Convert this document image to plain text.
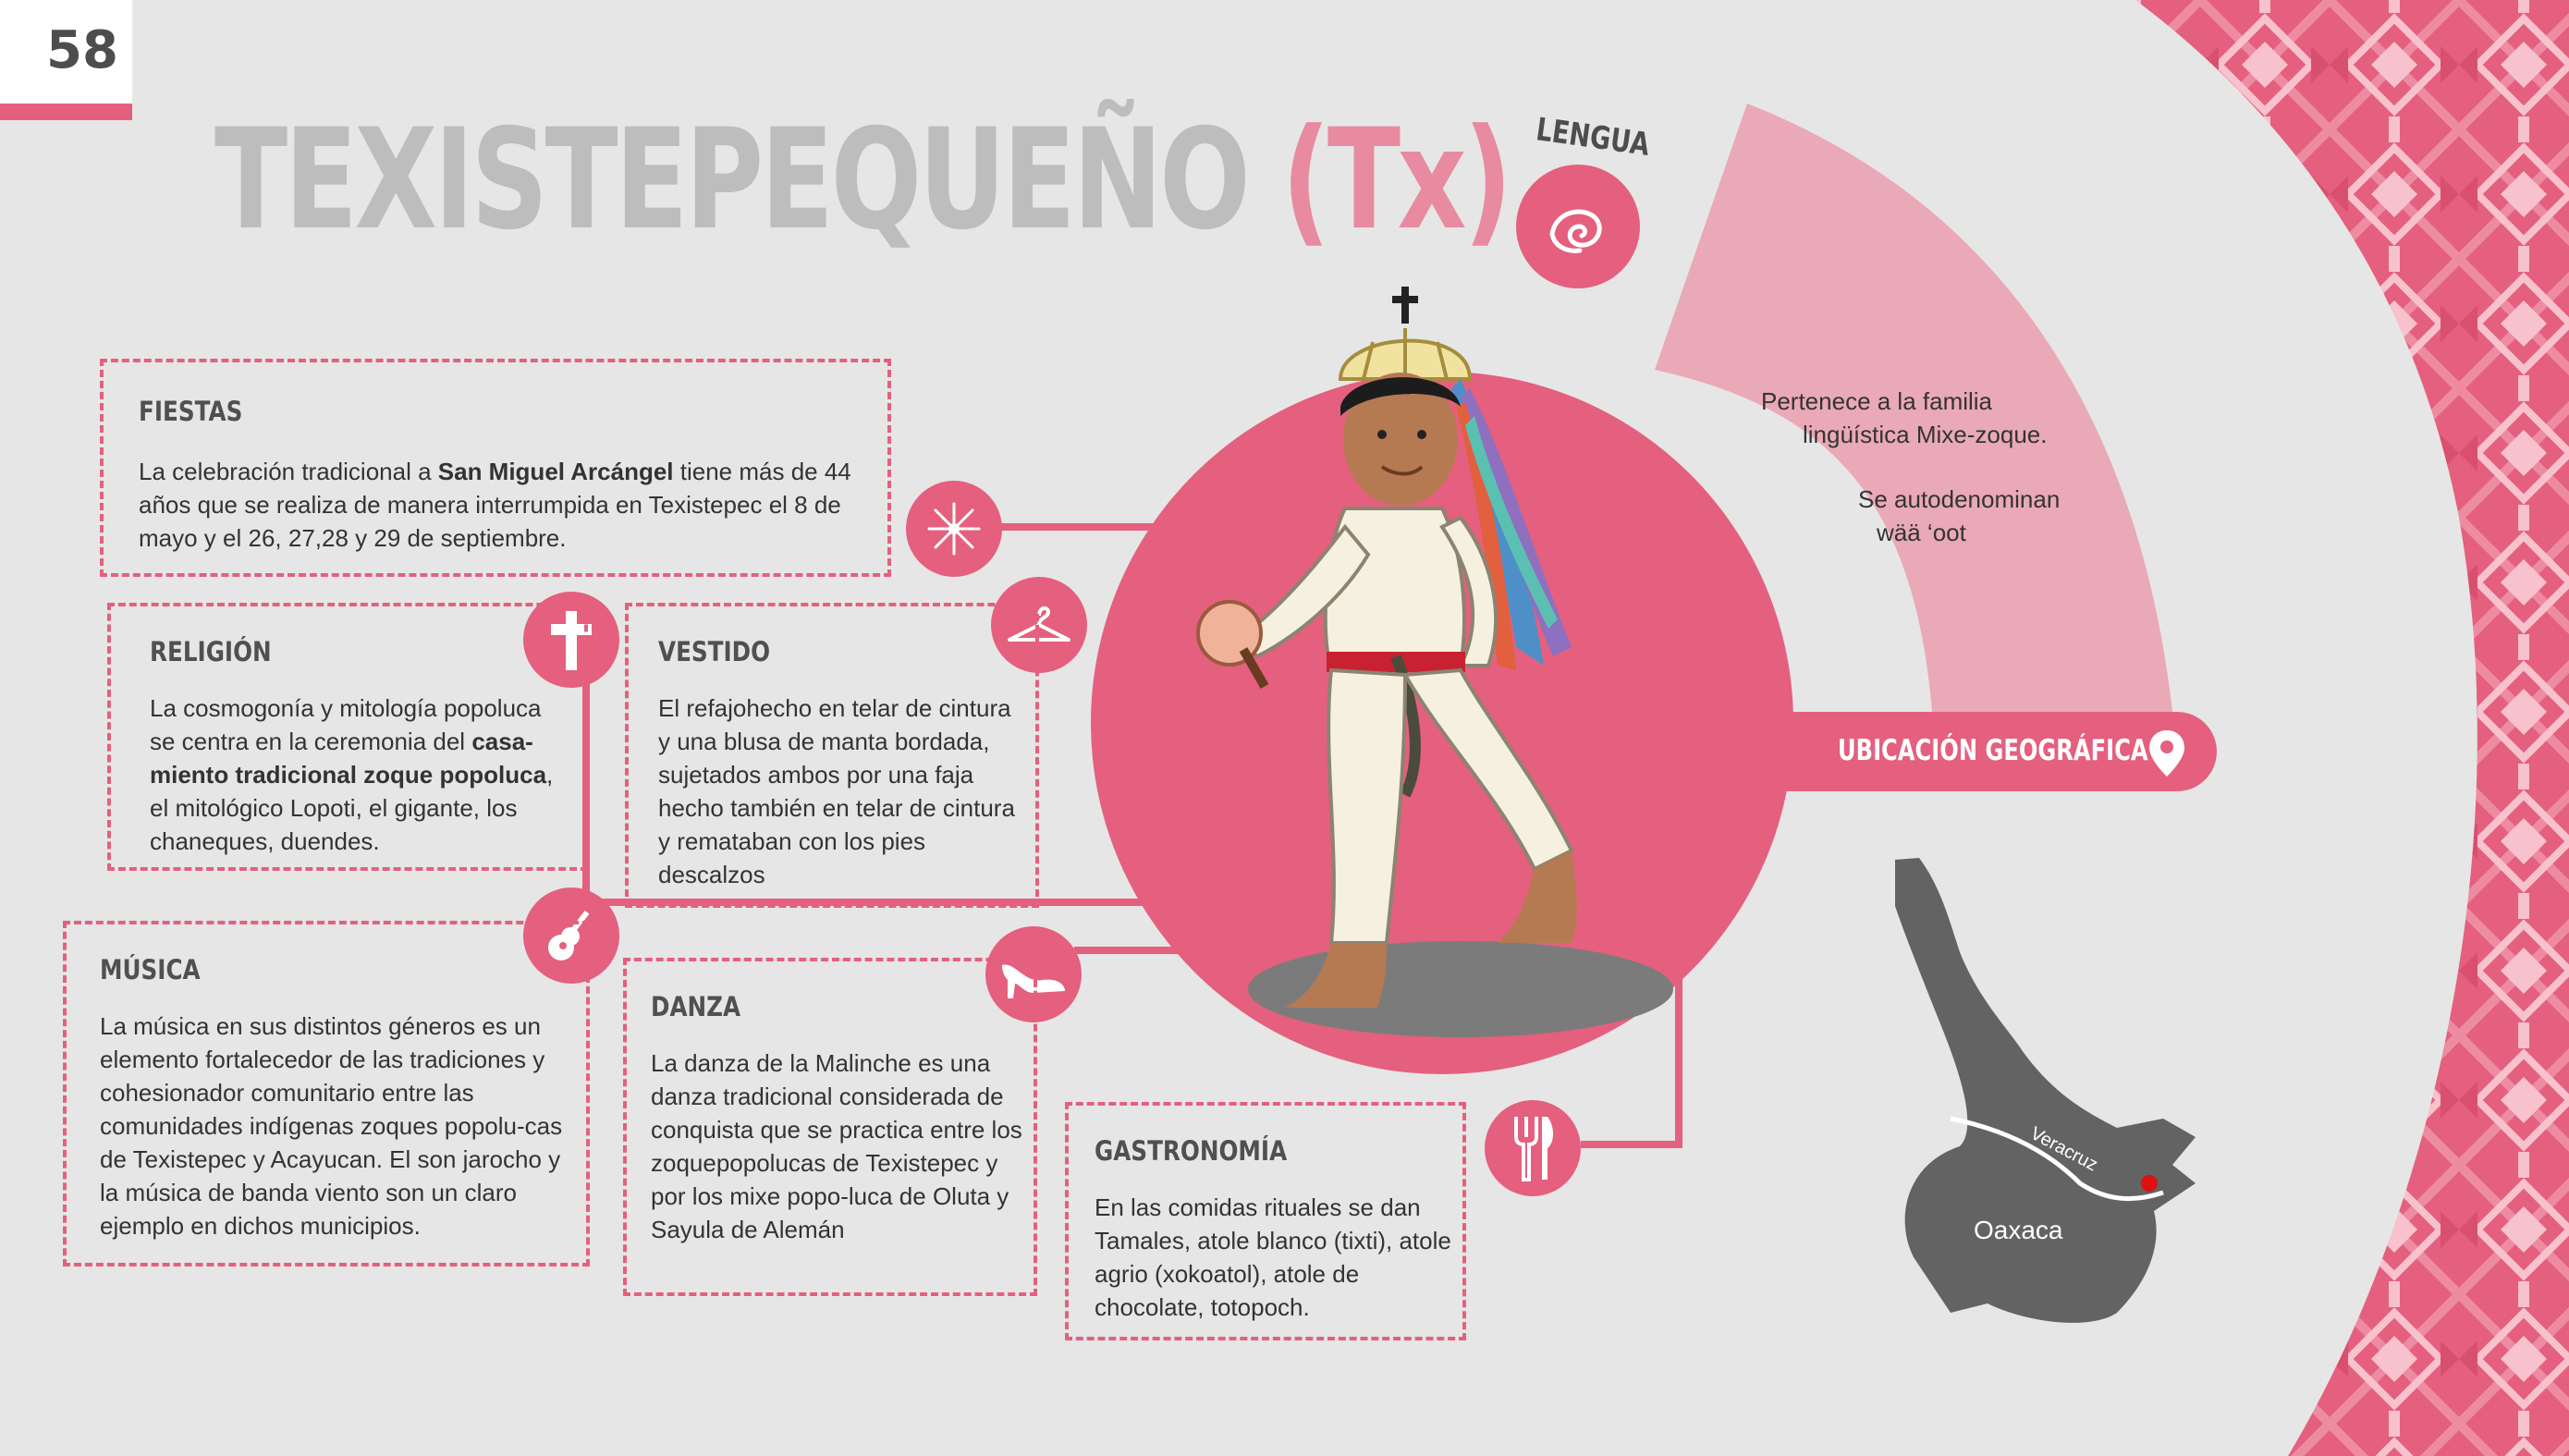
58
TEXISTEPEQUEÑO (Tx) LENGUA
Pertenece a la familia
lingüística Mixe-zoque.
Se autodenominan
wää ‘oot
UBICACIÓN GEOGRÁFICA
Veracruz
Oaxaca
FIESTAS
La celebración tradicional a San Miguel Arcángel tiene más de 44 años que se realiza de manera interrumpida en Texistepec el 8 de mayo y el 26, 27,28 y 29 de septiembre.
RELIGIÓN
La cosmogonía y mitología popoluca se centra en la ceremonia del casa-miento tradicional zoque popoluca, el mitológico Lopoti, el gigante, los chaneques, duendes.
VESTIDO
El refajohecho en telar de cintura y una blusa de manta bordada, sujetados ambos por una faja hecho también en telar de cintura y remataban con los pies descalzos
MÚSICA
La música en sus distintos géneros es un elemento fortalecedor de las tradiciones y cohesionador comunitario entre las comunidades indígenas zoques popolu-cas de Texistepec y Acayucan. El son jarocho y la música de banda viento son un claro ejemplo en dichos municipios.
DANZA
La danza de la Malinche es una danza tradicional considerada de conquista que se practica entre los zoquepopolucas de Texistepec y por los mixe popo-luca de Oluta y Sayula de Alemán
GASTRONOMÍA
En las comidas rituales se dan Tamales, atole blanco (tixti), atole agrio (xokoatol), atole de chocolate, totopoch.
